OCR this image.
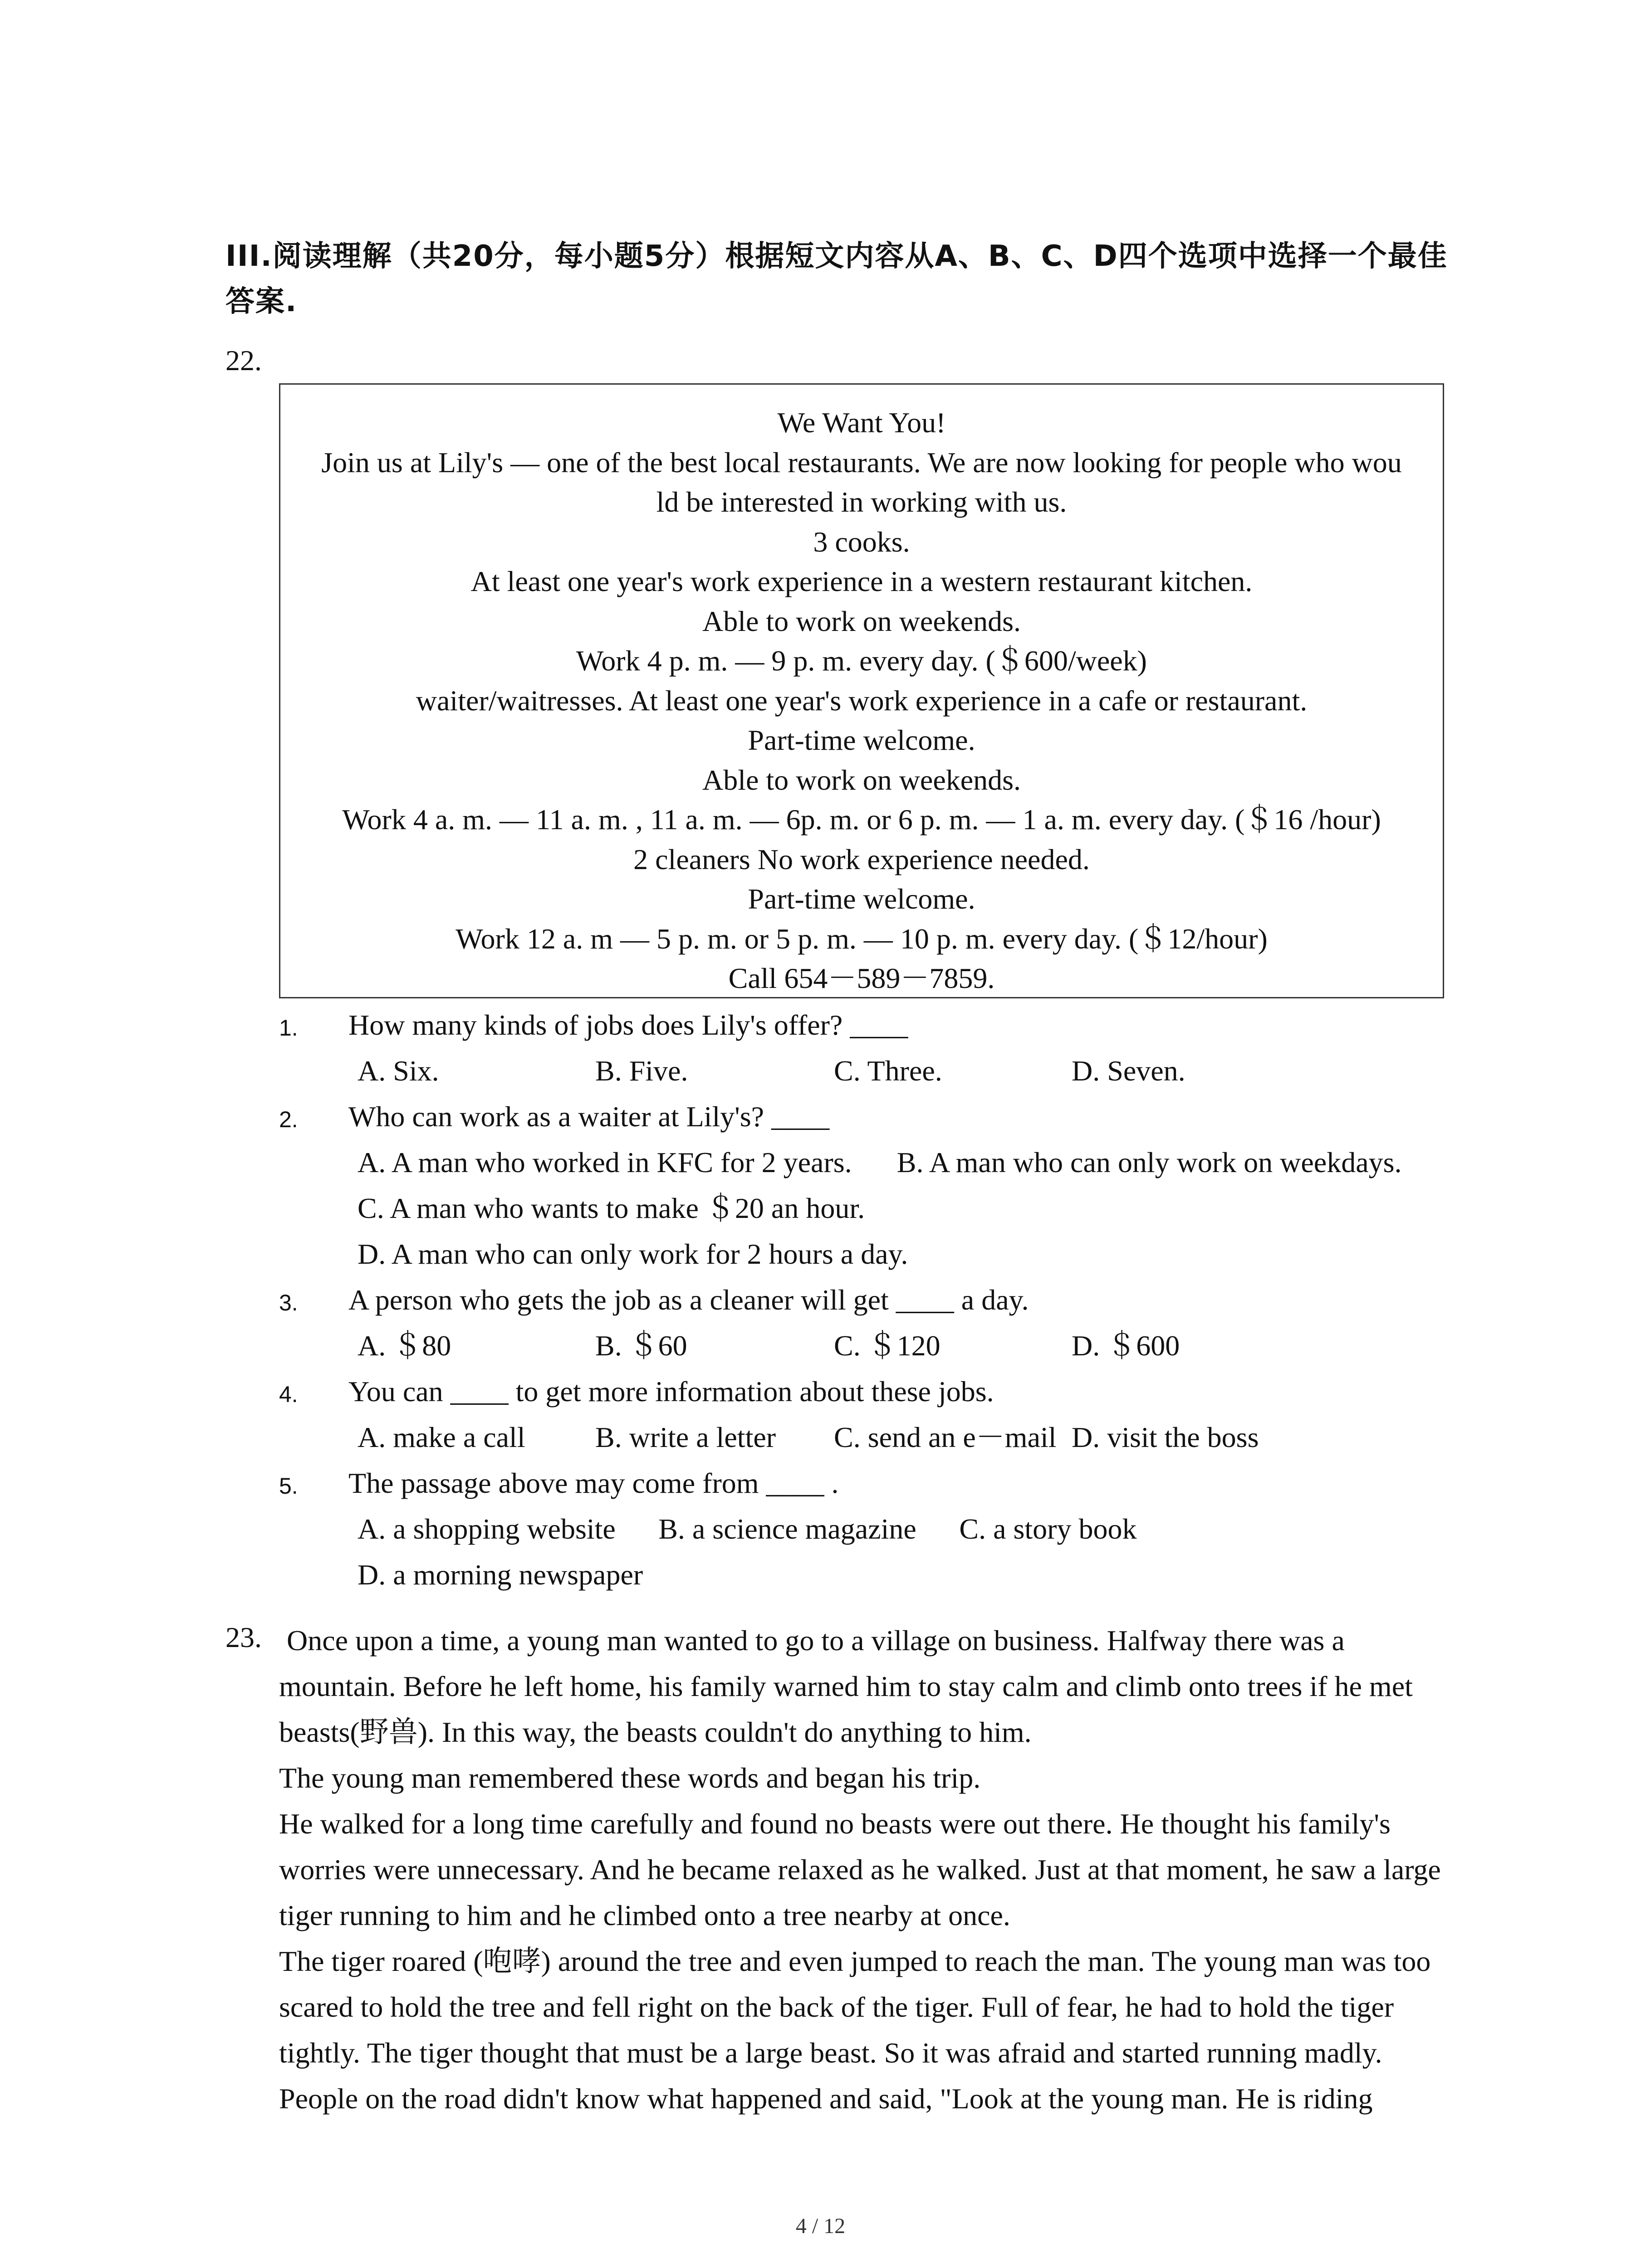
III.阅读理解（共20分，每小题5分）根据短文内容从A、B、C、D四个选项中选择一个最佳答案.
22.
We Want You!
Join us at Lily's — one of the best local restaurants. We are now looking for people who wou
ld be interested in working with us.
3 cooks.
At least one year's work experience in a western restaurant kitchen.
Able to work on weekends.
Work 4 p. m. — 9 p. m. every day. (＄600/week)
waiter/waitresses. At least one year's work experience in a cafe or restaurant.
Part-time welcome.
Able to work on weekends.
Work 4 a. m. — 11 a. m. , 11 a. m. — 6p. m. or 6 p. m. — 1 a. m. every day. (＄16 /hour)
2 cleaners No work experience needed.
Part-time welcome.
Work 12 a. m — 5 p. m. or 5 p. m. — 10 p. m. every day. (＄12/hour)
Call 654－589－7859.
1. How many kinds of jobs does Lily's offer? ____
A. Six.	B. Five.	C. Three.	D. Seven.
2. Who can work as a waiter at Lily's? ____
A. A man who worked in KFC for 2 years. B. A man who can only work on weekdays.
C. A man who wants to make ＄20 an hour.
D. A man who can only work for 2 hours a day.
3. A person who gets the job as a cleaner will get ____ a day.
A. ＄80	B. ＄60	C. ＄120	D. ＄600
4. You can ____ to get more information about these jobs.
A. make a call B. write a letter C. send an e－mail D. visit the boss
5. The passage above may come from ____ .
A. a shopping website B. a science magazine C. a story book
D. a morning newspaper
23. Once upon a time, a young man wanted to go to a village on business. Halfway there was a

mountain. Before he left home, his family warned him to stay calm and climb onto trees if he met beasts(野兽). In this way, the beasts couldn't do anything to him.

The young man remembered these words and began his trip.

He walked for a long time carefully and found no beasts were out there. He thought his family's worries were unnecessary. And he became relaxed as he walked. Just at that moment, he saw a large tiger running to him and he climbed onto a tree nearby at once.

The tiger roared (咆哮) around the tree and even jumped to reach the man. The young man was too scared to hold the tree and fell right on the back of the tiger. Full of fear, he had to hold the tiger tightly. The tiger thought that must be a large beast. So it was afraid and started running madly.

People on the road didn't know what happened and said, "Look at the young man. He is riding

4 / 12
